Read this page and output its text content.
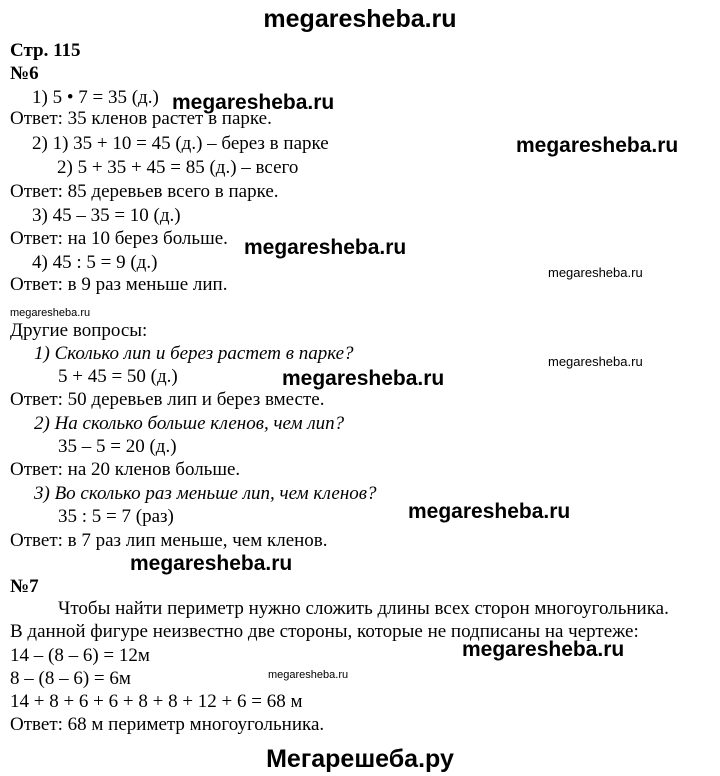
megaresheba.ru
Стр. 115
№6
1) 5 • 7 = 35 (д.)
Ответ: 35 кленов растет в парке.
2) 1) 35 + 10 = 45 (д.) – берез в парке
2) 5 + 35 + 45 = 85 (д.) – всего
Ответ: 85 деревьев всего в парке.
3) 45 – 35 = 10 (д.)
Ответ: на 10 берез больше.
4) 45 : 5 = 9 (д.)
Ответ: в 9 раз меньше лип.
Другие вопросы:
1) Сколько лип и берез растет в парке?
5 + 45 = 50 (д.)
Ответ: 50 деревьев лип и берез вместе.
2) На сколько больше кленов, чем лип?
35 – 5 = 20 (д.)
Ответ: на 20 кленов больше.
3) Во сколько раз меньше лип, чем кленов?
35 : 5 = 7 (раз)
Ответ: в 7 раз лип меньше, чем кленов.
№7
Чтобы найти периметр нужно сложить длины всех сторон многоугольника.
В данной фигуре неизвестно две стороны, которые не подписаны на чертеже:
14 – (8 – 6) = 12м
8 – (8 – 6) = 6м
14 + 8 + 6 + 6 + 8 + 8 + 12 + 6 = 68 м
Ответ: 68 м периметр многоугольника.
megaresheba.ru
megaresheba.ru
megaresheba.ru
megaresheba.ru
megaresheba.ru
megaresheba.ru
megaresheba.ru
megaresheba.ru
megaresheba.ru
megaresheba.ru
megaresheba.ru
Мегарешеба.ру
